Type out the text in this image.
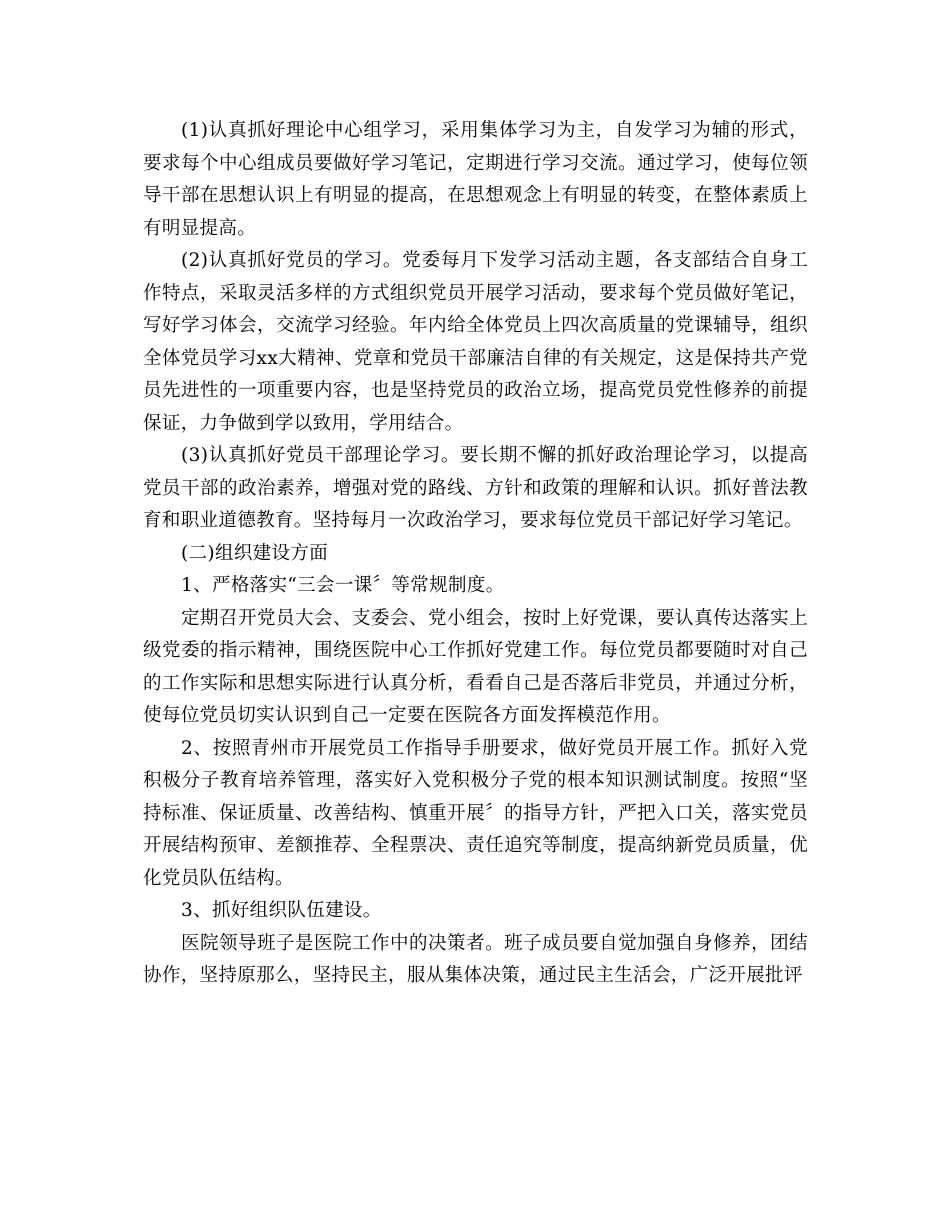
(1)认真抓好理论中心组学习，采用集体学习为主，自发学习为辅的形式，要求每个中心组成员要做好学习笔记，定期进行学习交流。通过学习，使每位领导干部在思想认识上有明显的提高，在思想观念上有明显的转变，在整体素质上有明显提高。

(2)认真抓好党员的学习。党委每月下发学习活动主题，各支部结合自身工作特点，采取灵活多样的方式组织党员开展学习活动，要求每个党员做好笔记，写好学习体会，交流学习经验。年内给全体党员上四次高质量的党课辅导，组织全体党员学习xx大精神、党章和党员干部廉洁自律的有关规定，这是保持共产党员先进性的一项重要内容，也是坚持党员的政治立场，提高党员党性修养的前提保证，力争做到学以致用，学用结合。

(3)认真抓好党员干部理论学习。要长期不懈的抓好政治理论学习，以提高党员干部的政治素养，增强对党的路线、方针和政策的理解和认识。抓好普法教育和职业道德教育。坚持每月一次政治学习，要求每位党员干部记好学习笔记。

(二)组织建设方面

1、严格落实“三会一课〞等常规制度。

定期召开党员大会、支委会、党小组会，按时上好党课，要认真传达落实上级党委的指示精神，围绕医院中心工作抓好党建工作。每位党员都要随时对自己的工作实际和思想实际进行认真分析，看看自己是否落后非党员，并通过分析，使每位党员切实认识到自己一定要在医院各方面发挥模范作用。

2、按照青州市开展党员工作指导手册要求，做好党员开展工作。抓好入党积极分子教育培养管理，落实好入党积极分子党的根本知识测试制度。按照“坚持标准、保证质量、改善结构、慎重开展〞的指导方针，严把入口关，落实党员开展结构预审、差额推荐、全程票决、责任追究等制度，提高纳新党员质量，优化党员队伍结构。

3、抓好组织队伍建设。

医院领导班子是医院工作中的决策者。班子成员要自觉加强自身修养，团结协作，坚持原那么，坚持民主，服从集体决策，通过民主生活会，广泛开展批评
